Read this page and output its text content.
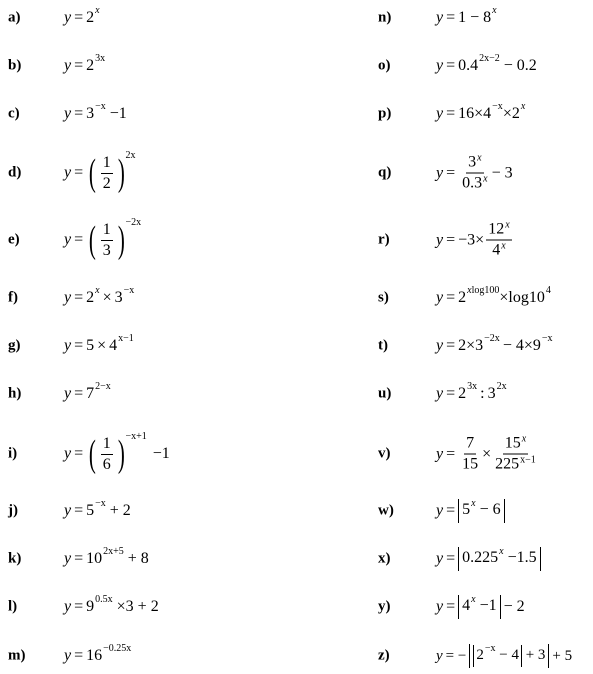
a)	y = 2 $^x$
b)	$y = 2^{3x}$
c)	$y = 3^{-x} -1$
d)	y = ( $\frac{1}{2}$ ) 2x
e)	y = ( $\frac{1}{3}$ ) −2x
f)	$y = 2^x \times 3^{-x}$
g)	$y = 5 \times 4^{x-1}$
h)	$y = 7^{2-x}$
i)	y = ( $\frac{1}{6}$ ) −x+1
−1
j)	$y = 5^{-x} + 2$
k)	$y = 10^{2x+5} + 8$
l)	$y = 9^{0.5x} \times 3 + 2$
m) $y = 16^{-0.25x}$
n)	$y = 1 - 8^x$
o)	$y = 0.4^{2x-2} - 0.2$
p)	$y = 16\times 4^{-x} \times 2^x$
q)	$y = \frac{3^x}{0.3^x} - 3$
r)	$y = -3\times \frac{12^x}{4^x}$
s)	y = 2 $^{xlog100} \times\log 10^4$
t)	$y = 2\times 3^{-2x} - 4\times 9^{-x}$
u)	$y = 2^{3x}$ : $3^{2x}$
v)	$y = \frac{7}{15} \times \frac{15^x}{225^{x-1}}$
w)	$y = 5^x - 6$
x)	$y = 0.225^x -1.5$
y)	$y = 4^x -1 - 2$
z)	y = − $2^{-x} - 4 + 3 + 5$
